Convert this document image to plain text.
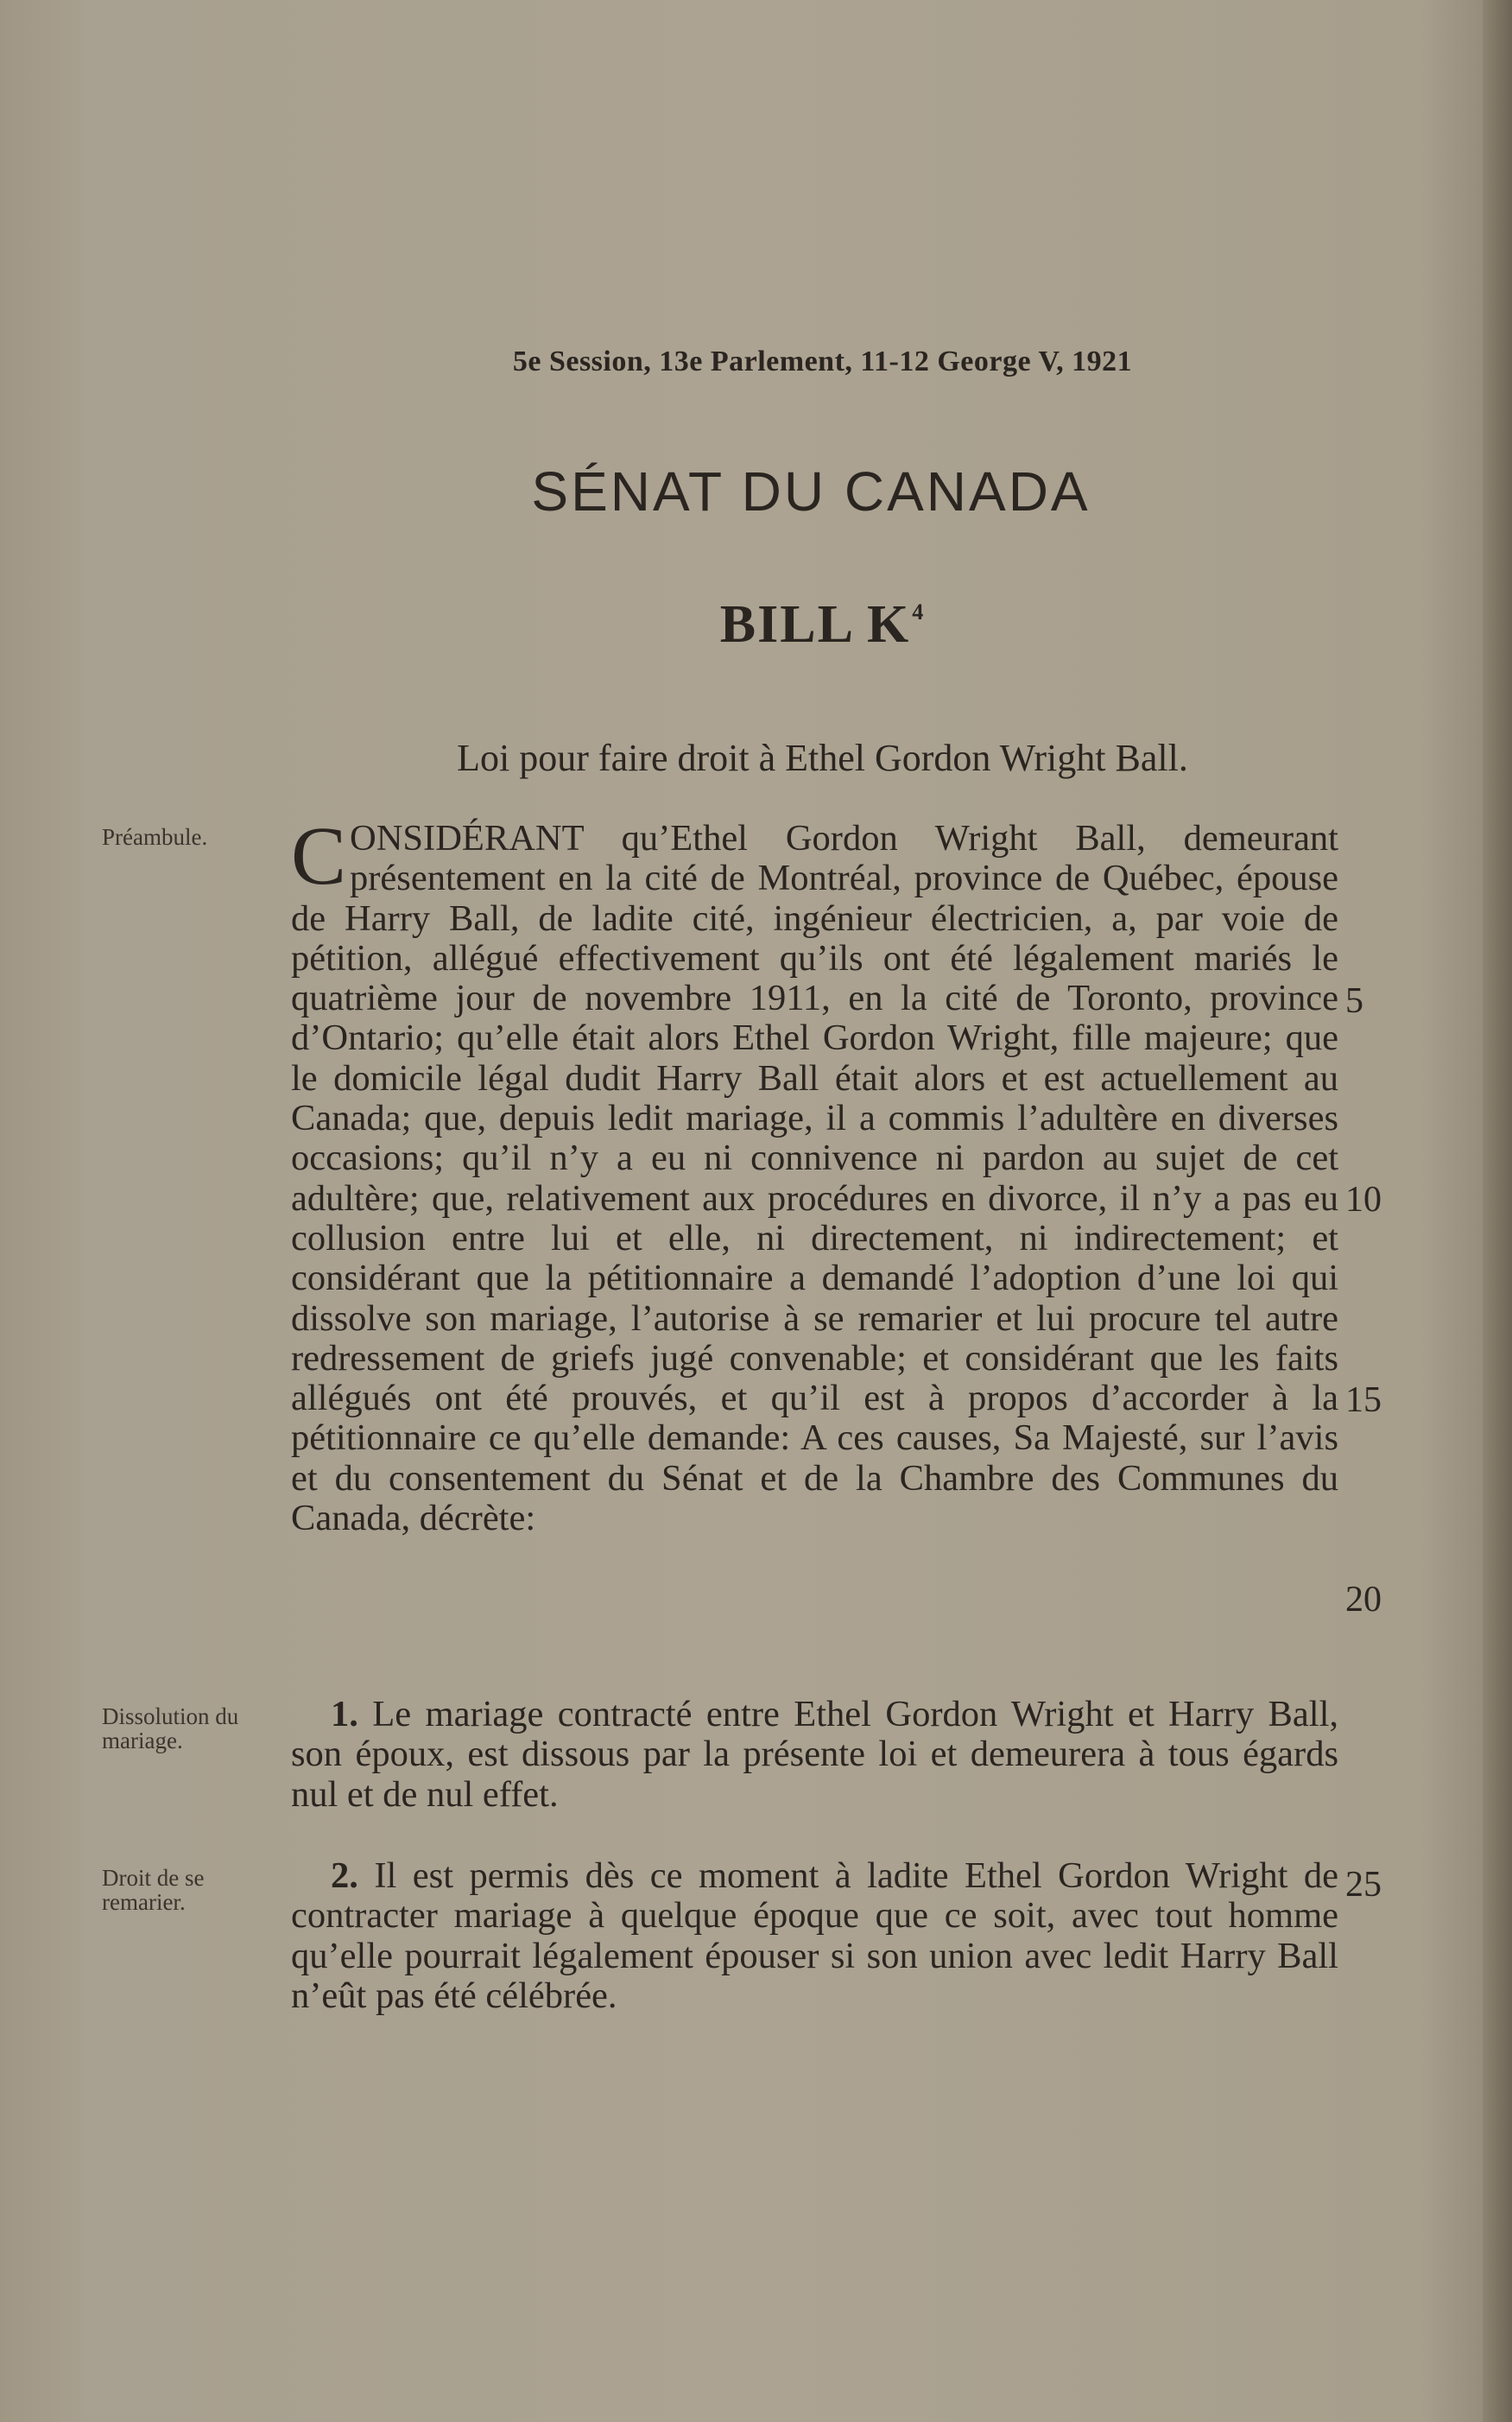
5e Session, 13e Parlement, 11-12 George V, 1921
SÉNAT DU CANADA
BILL $K^4$
Loi pour faire droit à Ethel Gordon Wright Ball.
Préambule.
Dissolution du mariage.
Droit de se remarier.
CONSIDÉRANT qu’Ethel Gordon Wright Ball, demeurant présentement en la cité de Montréal, province de Québec, épouse de Harry Ball, de ladite cité, ingénieur électricien, a, par voie de pétition, allégué effectivement qu’ils ont été légalement mariés le quatrième jour de novembre 1911, en la cité de Toronto, province d’Ontario; qu’elle était alors Ethel Gordon Wright, fille majeure; que le domicile légal dudit Harry Ball était alors et est actuellement au Canada; que, depuis ledit mariage, il a commis l’adultère en diverses occasions; qu’il n’y a eu ni connivence ni pardon au sujet de cet adultère; que, relativement aux procédures en divorce, il n’y a pas eu collusion entre lui et elle, ni directement, ni indirectement; et considérant que la pétitionnaire a demandé l’adoption d’une loi qui dissolve son mariage, l’autorise à se remarier et lui procure tel autre redressement de griefs jugé convenable; et considérant que les faits allégués ont été prouvés, et qu’il est à propos d’accorder à la pétitionnaire ce qu’elle demande: A ces causes, Sa Majesté, sur l’avis et du consentement du Sénat et de la Chambre des Communes du Canada, décrète:
1. Le mariage contracté entre Ethel Gordon Wright et Harry Ball, son époux, est dissous par la présente loi et demeurera à tous égards nul et de nul effet.
2. Il est permis dès ce moment à ladite Ethel Gordon Wright de contracter mariage à quelque époque que ce soit, avec tout homme qu’elle pourrait légalement épouser si son union avec ledit Harry Ball n’eût pas été célébrée.
5
10
15
20
25
